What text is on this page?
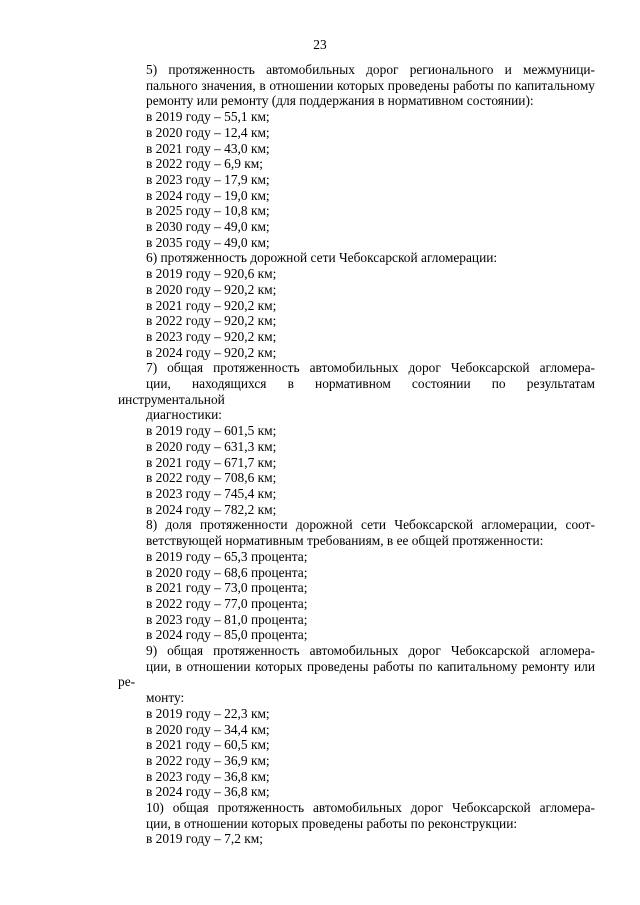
23
5) протяженность автомобильных дорог регионального и межмуници-
пального значения, в отношении которых проведены работы по капитальному
ремонту или ремонту (для поддержания в нормативном состоянии):
в 2019 году – 55,1 км;
в 2020 году – 12,4 км;
в 2021 году – 43,0 км;
в 2022 году – 6,9 км;
в 2023 году – 17,9 км;
в 2024 году – 19,0 км;
в 2025 году – 10,8 км;
в 2030 году – 49,0 км;
в 2035 году – 49,0 км;
6) протяженность дорожной сети Чебоксарской агломерации:
в 2019 году – 920,6 км;
в 2020 году – 920,2 км;
в 2021 году – 920,2 км;
в 2022 году – 920,2 км;
в 2023 году – 920,2 км;
в 2024 году – 920,2 км;
7) общая протяженность автомобильных дорог Чебоксарской агломера-
ции, находящихся в нормативном состоянии по результатам инструментальной
диагностики:
в 2019 году – 601,5 км;
в 2020 году – 631,3 км;
в 2021 году – 671,7 км;
в 2022 году – 708,6 км;
в 2023 году – 745,4 км;
в 2024 году – 782,2 км;
8) доля протяженности дорожной сети Чебоксарской агломерации, соот-
ветствующей нормативным требованиям, в ее общей протяженности:
в 2019 году – 65,3 процента;
в 2020 году – 68,6 процента;
в 2021 году – 73,0 процента;
в 2022 году – 77,0 процента;
в 2023 году – 81,0 процента;
в 2024 году – 85,0 процента;
9) общая протяженность автомобильных дорог Чебоксарской агломера-
ции, в отношении которых проведены работы по капитальному ремонту или ре-
монту:
в 2019 году – 22,3 км;
в 2020 году – 34,4 км;
в 2021 году – 60,5 км;
в 2022 году – 36,9 км;
в 2023 году – 36,8 км;
в 2024 году – 36,8 км;
10) общая протяженность автомобильных дорог Чебоксарской агломера-
ции, в отношении которых проведены работы по реконструкции:
в 2019 году – 7,2 км;
